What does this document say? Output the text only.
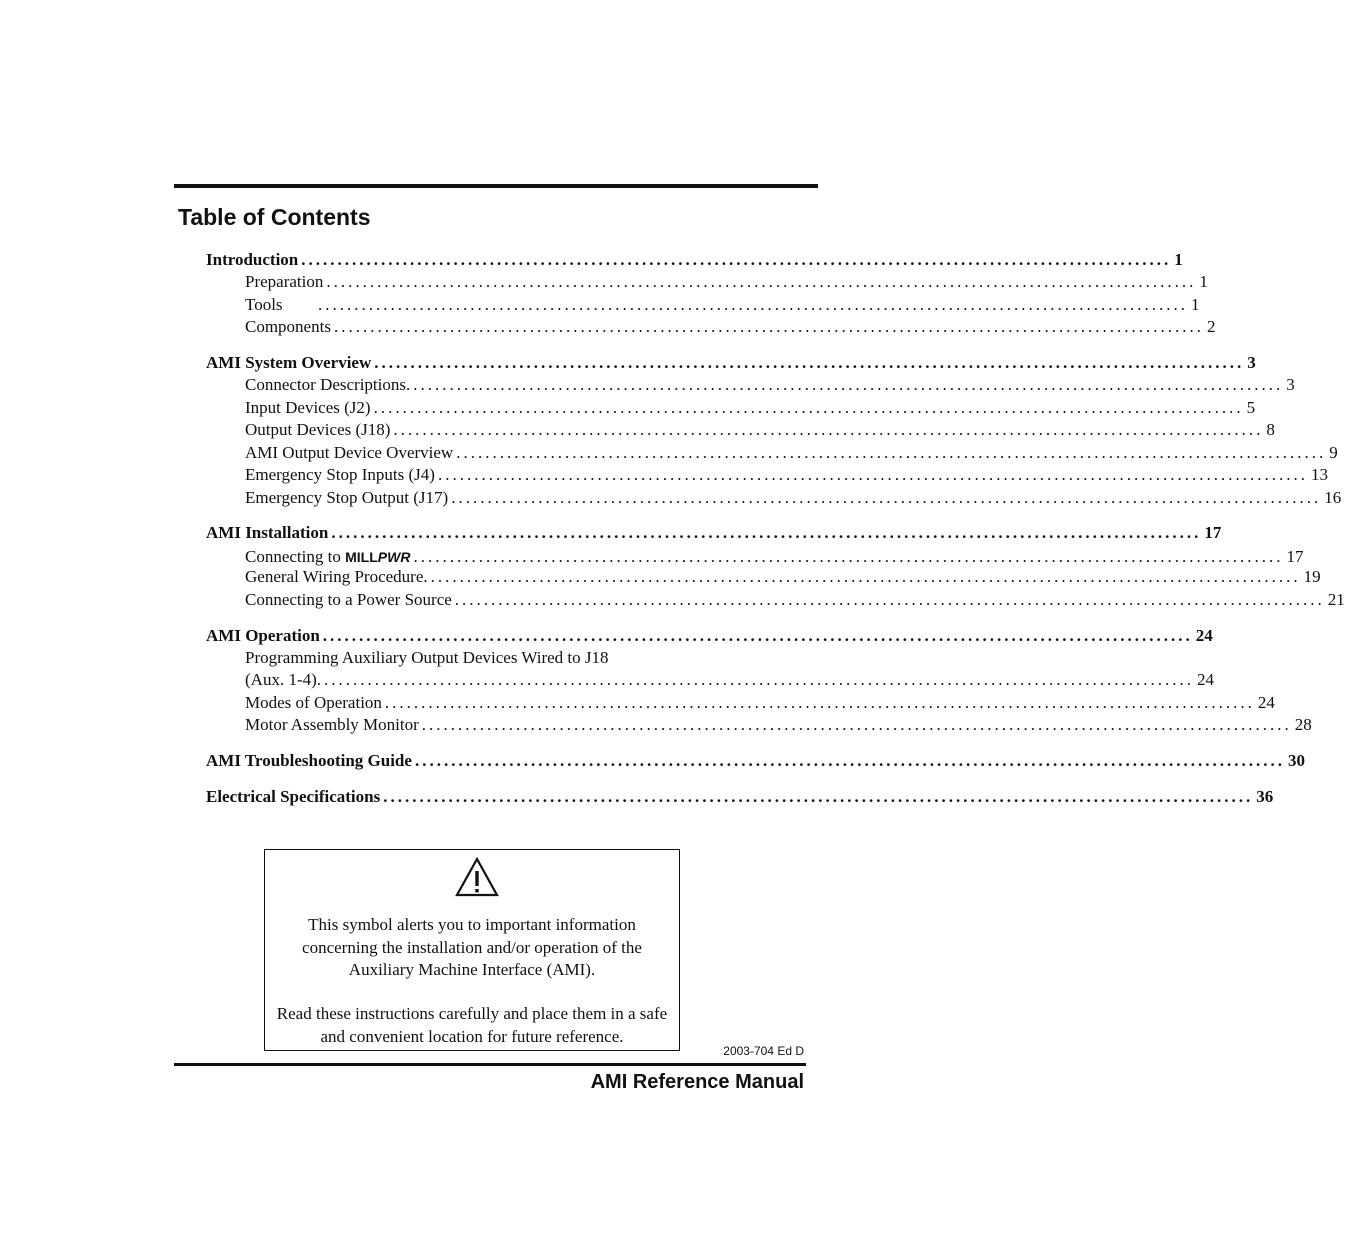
Table of Contents
Introduction ........................................................................................................................ 1
Preparation ........................................................................................................................ 1
Tools	........................................................................................................................ 1
Components ........................................................................................................................ 2
AMI System Overview ........................................................................................................................ 3
Connector Descriptions. ........................................................................................................................ 3
Input Devices (J2) ........................................................................................................................ 5
Output Devices (J18) ........................................................................................................................ 8
AMI Output Device Overview ........................................................................................................................ 9
Emergency Stop Inputs (J4) ........................................................................................................................ 13
Emergency Stop Output (J17) ........................................................................................................................ 16
AMI Installation ........................................................................................................................ 17
Connecting to MILLPWR ........................................................................................................................ 17
General Wiring Procedure. ........................................................................................................................ 19
Connecting to a Power Source ........................................................................................................................ 21
AMI Operation ........................................................................................................................ 24
Programming Auxiliary Output Devices Wired to J18
(Aux. 1-4). ........................................................................................................................ 24
Modes of Operation ........................................................................................................................ 24
Motor Assembly Monitor ........................................................................................................................ 28
AMI Troubleshooting Guide ........................................................................................................................ 30
Electrical Specifications ........................................................................................................................ 36

This symbol alerts you to important information concerning the installation and/or operation of the Auxiliary Machine Interface (AMI).

Read these instructions carefully and place them in a safe and convenient location for future reference.

2003-704 Ed D
AMI Reference Manual
